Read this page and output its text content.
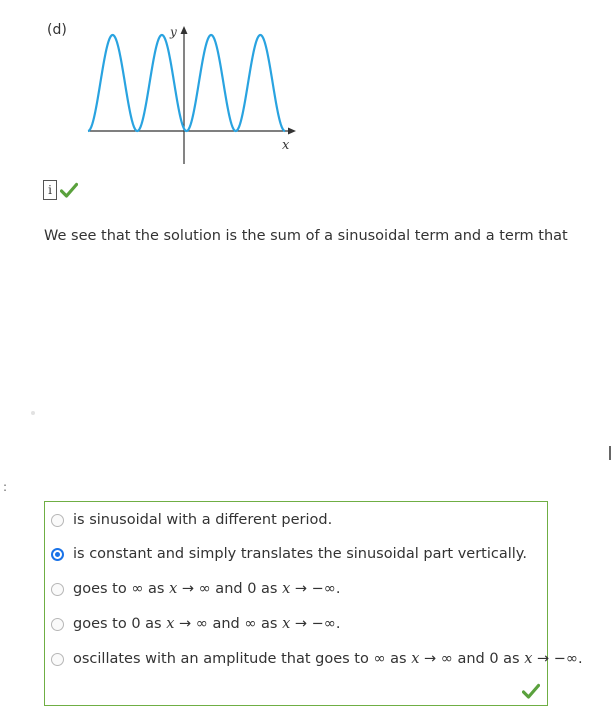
(d)
x
y
i
We see that the solution is the sum of a sinusoidal term and a term that
:
is sinusoidal with a different period.
is constant and simply translates the sinusoidal part vertically.
goes to ∞ as x → ∞ and 0 as x → −∞.
goes to 0 as x → ∞ and ∞ as x → −∞.
oscillates with an amplitude that goes to ∞ as x → ∞ and 0 as x → −∞.
